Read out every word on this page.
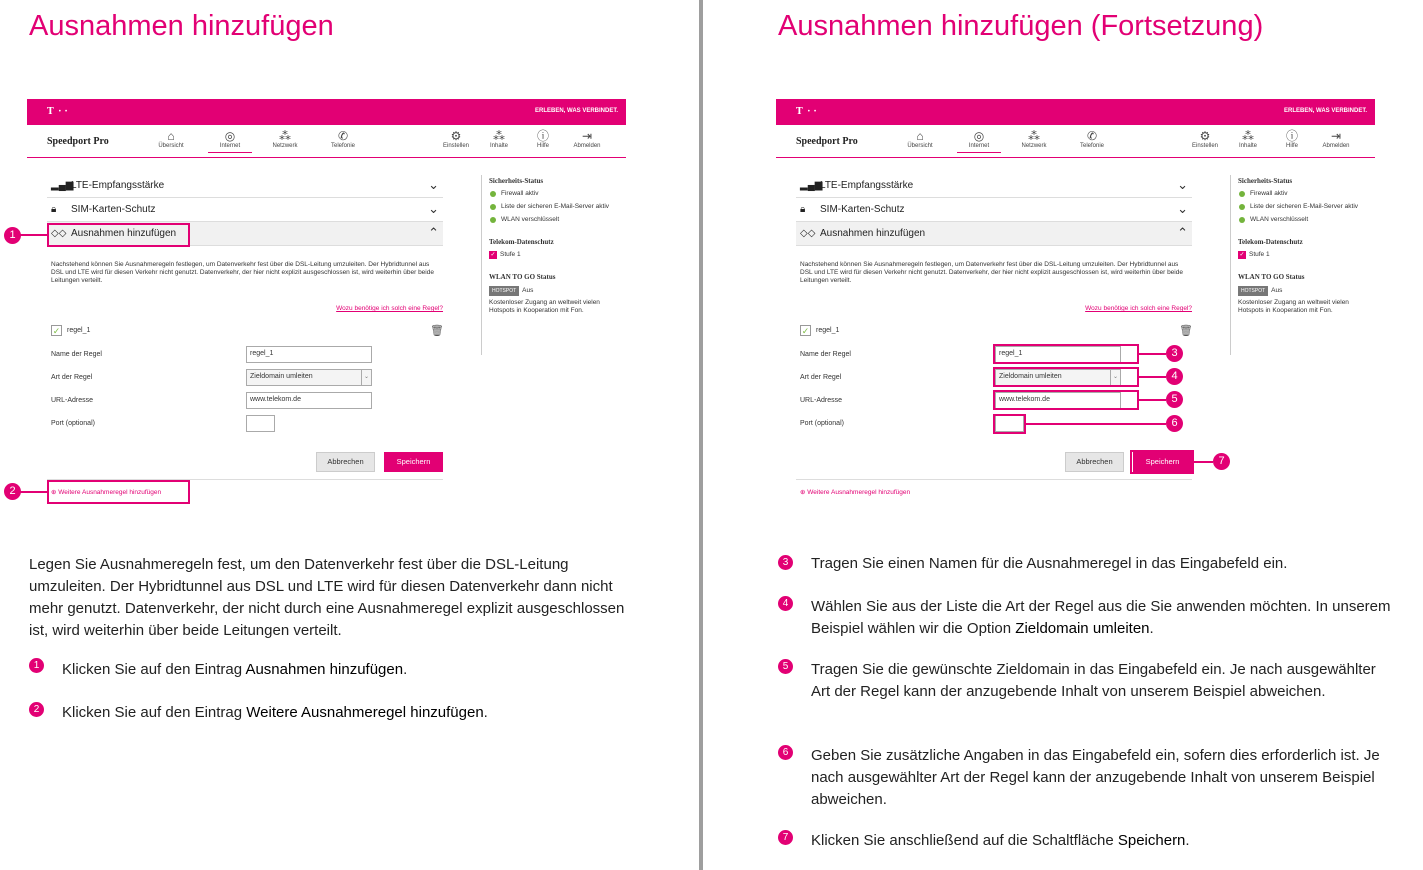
Ausnahmen hinzufügen
T · ·	ERLEBEN, WAS VERBINDET.
Speedport Pro	⌂
Übersicht
◎
Internet
⁂
Netzwerk
✆
Telefonie
⚙
Einstellen
⁂
Inhalte
ⓘ
Hilfe
⇥
Abmelden
▂▄▆
LTE-Empfangsstärke	⌄
🔒︎ SIM-Karten-Schutz	⌄
◇◇ Ausnahmen hinzufügen	⌃
Nachstehend können Sie Ausnahmeregeln festlegen, um Datenverkehr fest über die DSL-Leitung umzuleiten. Der Hybridtunnel aus DSL und LTE wird für diesen Verkehr nicht genutzt. Datenverkehr, der hier nicht explizit ausgeschlossen ist, wird weiterhin über beide Leitungen verteilt.
Wozu benötige ich solch eine Regel?
✓ regel_1	🗑︎
Name der Regel	regel_1
Art der Regel	Zieldomain umleiten	⌄
URL-Adresse	www.telekom.de
Port (optional)
Abbrechen	Speichern
⊕ Weitere Ausnahmeregel hinzufügen
Sicherheits-Status
Firewall aktiv
Liste der sicheren E-Mail-Server aktiv
WLAN verschlüsselt
Telekom-Datenschutz
✓ Stufe 1
WLAN TO GO Status
HOTSPOT Aus
Kostenloser Zugang an weltweit vielen Hotspots in Kooperation mit Fon.
1
2

Legen Sie Ausnahmeregeln fest, um den Datenverkehr fest über die DSL-Leitung umzuleiten. Der Hybridtunnel aus DSL und LTE wird für diesen Datenverkehr dann nicht mehr genutzt. Datenverkehr, der nicht durch eine Ausnahmeregel explizit ausgeschlossen ist, wird weiterhin über beide Leitungen verteilt.

1	Klicken Sie auf den Eintrag Ausnahmen hinzufügen.

2	Klicken Sie auf den Eintrag Weitere Ausnahmeregel hinzufügen.

Ausnahmen hinzufügen (Fortsetzung)
T · ·	ERLEBEN, WAS VERBINDET.
Speedport Pro	⌂
Übersicht
◎
Internet
⁂
Netzwerk
✆
Telefonie
⚙
Einstellen
⁂
Inhalte
ⓘ
Hilfe
⇥
Abmelden
▂▄▆
LTE-Empfangsstärke	⌄
🔒︎ SIM-Karten-Schutz	⌄
◇◇ Ausnahmen hinzufügen	⌃
Nachstehend können Sie Ausnahmeregeln festlegen, um Datenverkehr fest über die DSL-Leitung umzuleiten. Der Hybridtunnel aus DSL und LTE wird für diesen Verkehr nicht genutzt. Datenverkehr, der hier nicht explizit ausgeschlossen ist, wird weiterhin über beide Leitungen verteilt.
Wozu benötige ich solch eine Regel?
✓ regel_1	🗑︎
Name der Regel	regel_1
Art der Regel	Zieldomain umleiten	⌄
URL-Adresse	www.telekom.de
Port (optional)
Abbrechen	Speichern
⊕ Weitere Ausnahmeregel hinzufügen
Sicherheits-Status
Firewall aktiv
Liste der sicheren E-Mail-Server aktiv
WLAN verschlüsselt
Telekom-Datenschutz
✓ Stufe 1
WLAN TO GO Status
HOTSPOT Aus
Kostenloser Zugang an weltweit vielen Hotspots in Kooperation mit Fon.
3
4
5
6
7
3	Tragen Sie einen Namen für die Ausnahmeregel in das Eingabefeld ein.

4	Wählen Sie aus der Liste die Art der Regel aus die Sie anwenden möchten. In unserem Beispiel wählen wir die Option Zieldomain umleiten.

5	Tragen Sie die gewünschte Zieldomain in das Eingabefeld ein. Je nach ausgewählter Art der Regel kann der anzugebende Inhalt von unserem Beispiel abweichen.

6	Geben Sie zusätzliche Angaben in das Eingabefeld ein, sofern dies erforderlich ist. Je nach ausgewählter Art der Regel kann der anzugebende Inhalt von unserem Beispiel abweichen.

7	Klicken Sie anschließend auf die Schaltfläche Speichern.
